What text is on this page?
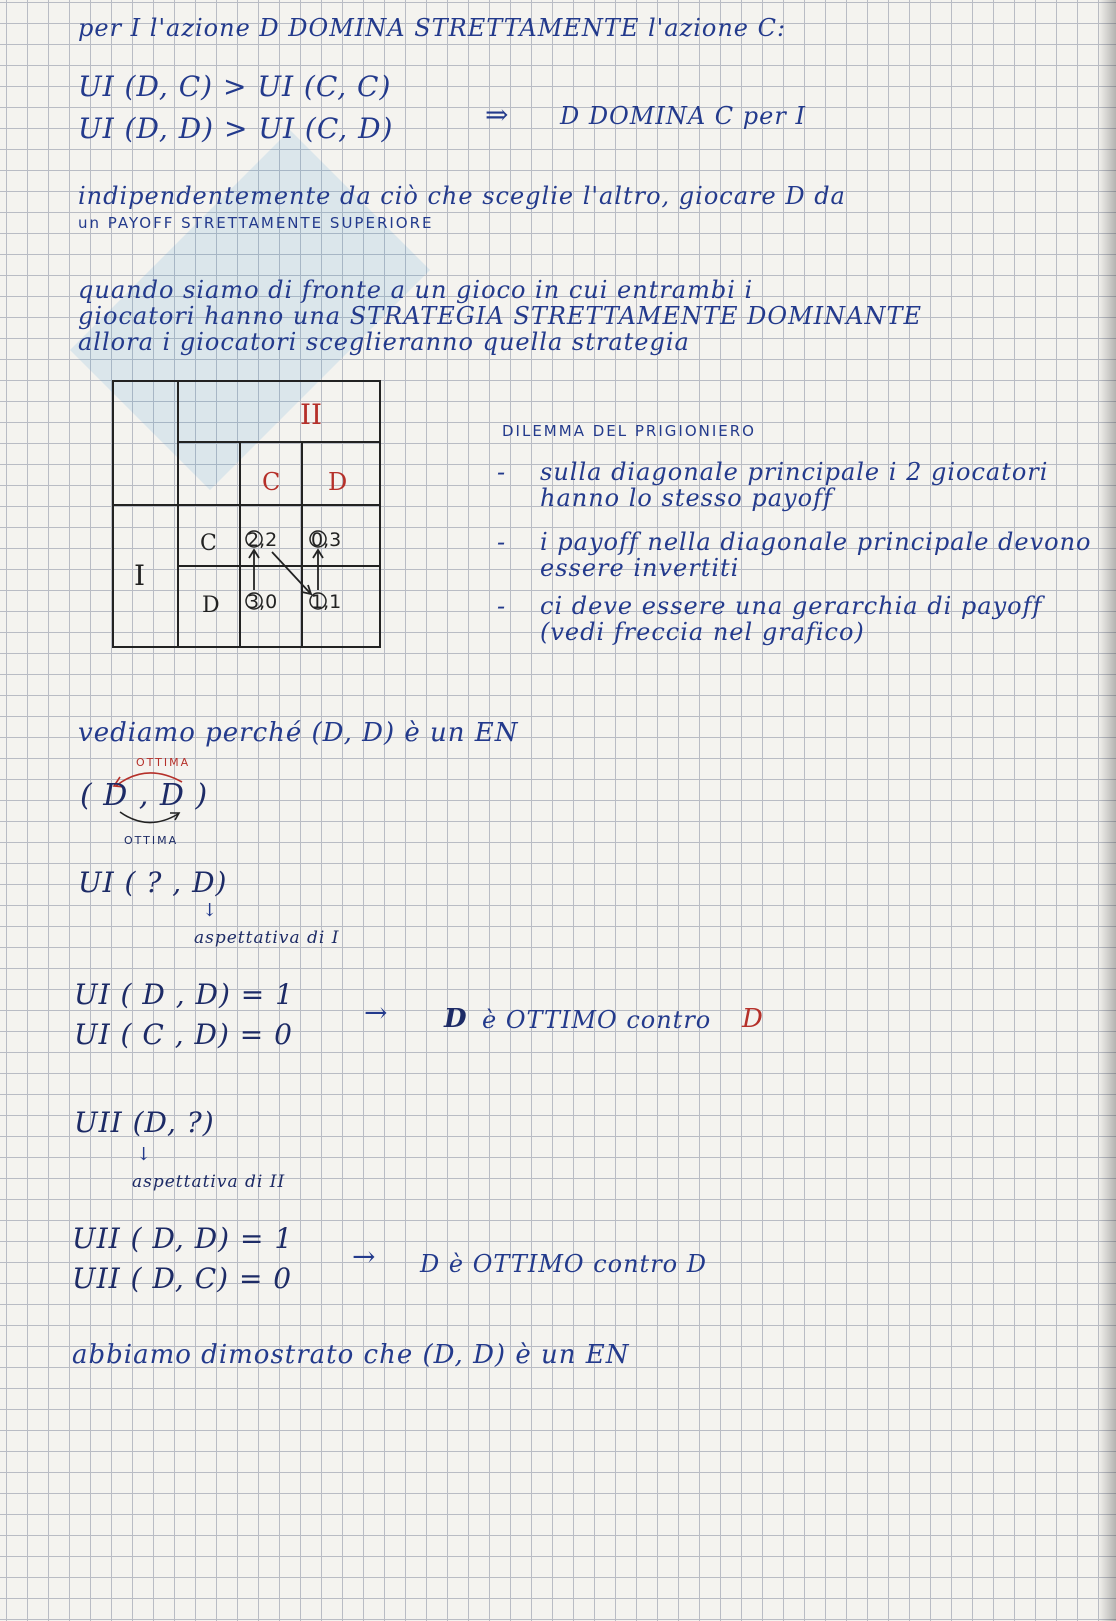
per I l'azione D DOMINA STRETTAMENTE l'azione C:
UI (D, C) > UI (C, C)
UI (D, D) > UI (C, D)	⇒ D DOMINA C per I
indipendentemente da ciò che sceglie l'altro, giocare D da
un PAYOFF STRETTAMENTE SUPERIORE
quando siamo di fronte a un gioco in cui entrambi i
giocatori hanno una STRATEGIA STRETTAMENTE DOMINANTE
allora i giocatori sceglieranno quella strategia
II
C D
I
C
D
2,2 0,3
3,0 1,1
DILEMMA DEL PRIGIONIERO
- sulla diagonale principale i 2 giocatori
hanno lo stesso payoff
- i payoff nella diagonale principale devono
essere invertiti
- ci deve essere una gerarchia di payoff
(vedi freccia nel grafico)
vediamo perché (D, D) è un EN
OTTIMA
( D , D )
OTTIMA
UI ( ? , D)
↓
aspettativa di I
UI ( D , D) = 1
UI ( C , D) = 0
→ D è OTTIMO contro D
UII (D, ?)
↓
aspettativa di II
UII ( D, D) = 1
UII ( D, C) = 0
→ D è OTTIMO contro D
abbiamo dimostrato che (D, D) è un EN
